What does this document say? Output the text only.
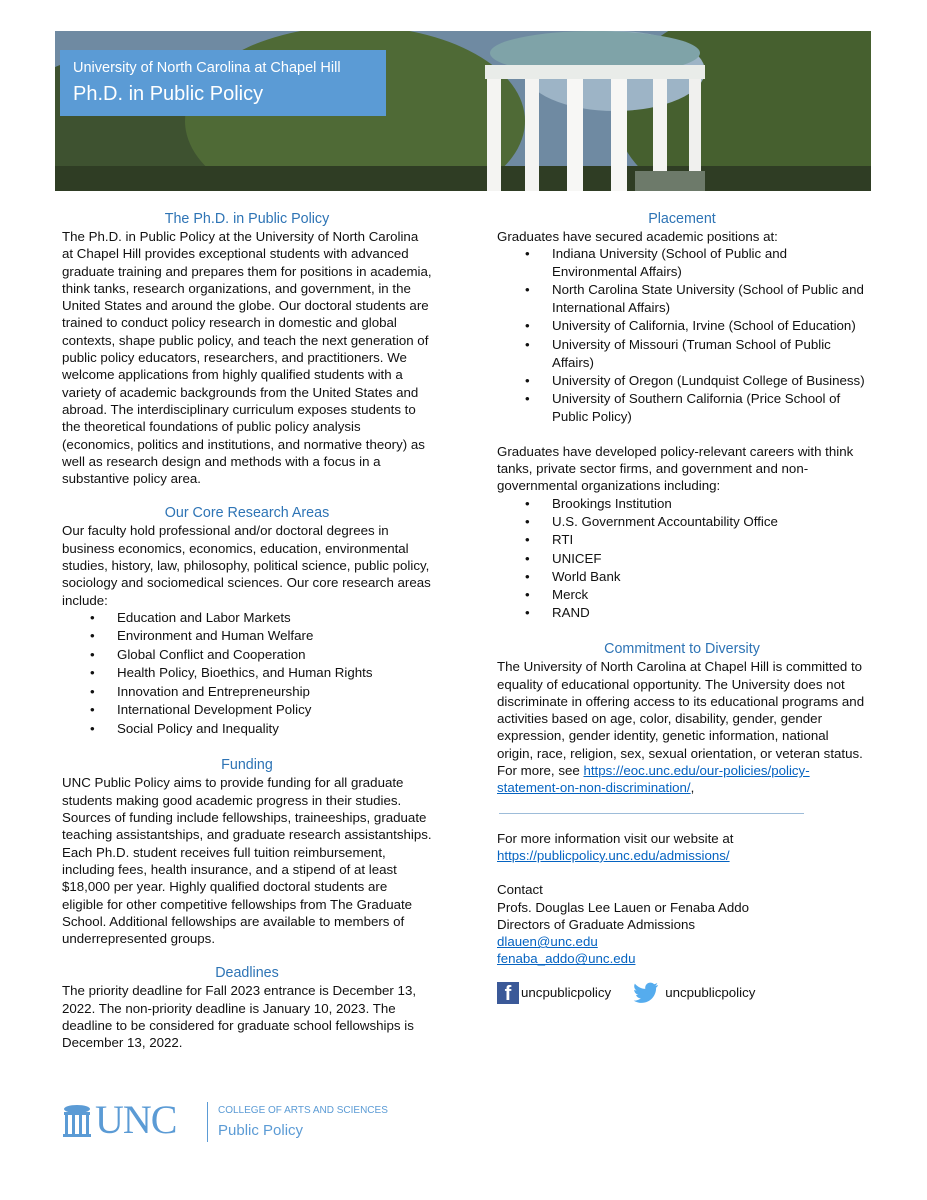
University of North Carolina at Chapel Hill
Ph.D. in Public Policy
The Ph.D. in Public Policy

The Ph.D. in Public Policy at the University of North Carolina at Chapel Hill provides exceptional students with advanced graduate training and prepares them for positions in academia, think tanks, research organizations, and government, in the United States and around the globe. Our doctoral students are trained to conduct policy research in domestic and global contexts, shape public policy, and teach the next generation of public policy educators, researchers, and practitioners. We welcome applications from highly qualified students with a variety of academic backgrounds from the United States and abroad. The interdisciplinary curriculum exposes students to the theoretical foundations of public policy analysis (economics, politics and institutions, and normative theory) as well as research design and methods with a focus in a substantive policy area.

Our Core Research Areas

Our faculty hold professional and/or doctoral degrees in business economics, economics, education, environmental studies, history, law, philosophy, political science, public policy, sociology and sociomedical sciences. Our core research areas include:

• Education and Labor Markets
• Environment and Human Welfare
• Global Conflict and Cooperation
• Health Policy, Bioethics, and Human Rights
• Innovation and Entrepreneurship
• International Development Policy
• Social Policy and Inequality
Funding

UNC Public Policy aims to provide funding for all graduate students making good academic progress in their studies. Sources of funding include fellowships, traineeships, graduate teaching assistantships, and graduate research assistantships. Each Ph.D. student receives full tuition reimbursement, including fees, health insurance, and a stipend of at least $18,000 per year. Highly qualified doctoral students are eligible for other competitive fellowships from The Graduate School. Additional fellowships are available to members of underrepresented groups.

Deadlines

The priority deadline for Fall 2023 entrance is December 13, 2022. The non-priority deadline is January 10, 2023. The deadline to be considered for graduate school fellowships is December 13, 2022.

Placement

Graduates have secured academic positions at:

• Indiana University (School of Public and Environmental Affairs)
• North Carolina State University (School of Public and International Affairs)
• University of California, Irvine (School of Education)
• University of Missouri (Truman School of Public Affairs)
• University of Oregon (Lundquist College of Business)
• University of Southern California (Price School of Public Policy)

Graduates have developed policy-relevant careers with think tanks, private sector firms, and government and non-governmental organizations including:

• Brookings Institution
• U.S. Government Accountability Office
• RTI
• UNICEF
• World Bank
• Merck
• RAND
Commitment to Diversity

The University of North Carolina at Chapel Hill is committed to equality of educational opportunity. The University does not discriminate in offering access to its educational programs and activities based on age, color, disability, gender, gender expression, gender identity, genetic information, national origin, race, religion, sex, sexual orientation, or veteran status. For more, see https://eoc.unc.edu/our-policies/policy-statement-on-non-discrimination/,

For more information visit our website at

https://publicpolicy.unc.edu/admissions/

Contact

Profs. Douglas Lee Lauen or Fenaba Addo

Directors of Graduate Admissions

dlauen@unc.edu

fenaba_addo@unc.edu

f uncpublicpolicy	uncpublicpolicy
UNC	COLLEGE OF ARTS AND SCIENCES
Public Policy
